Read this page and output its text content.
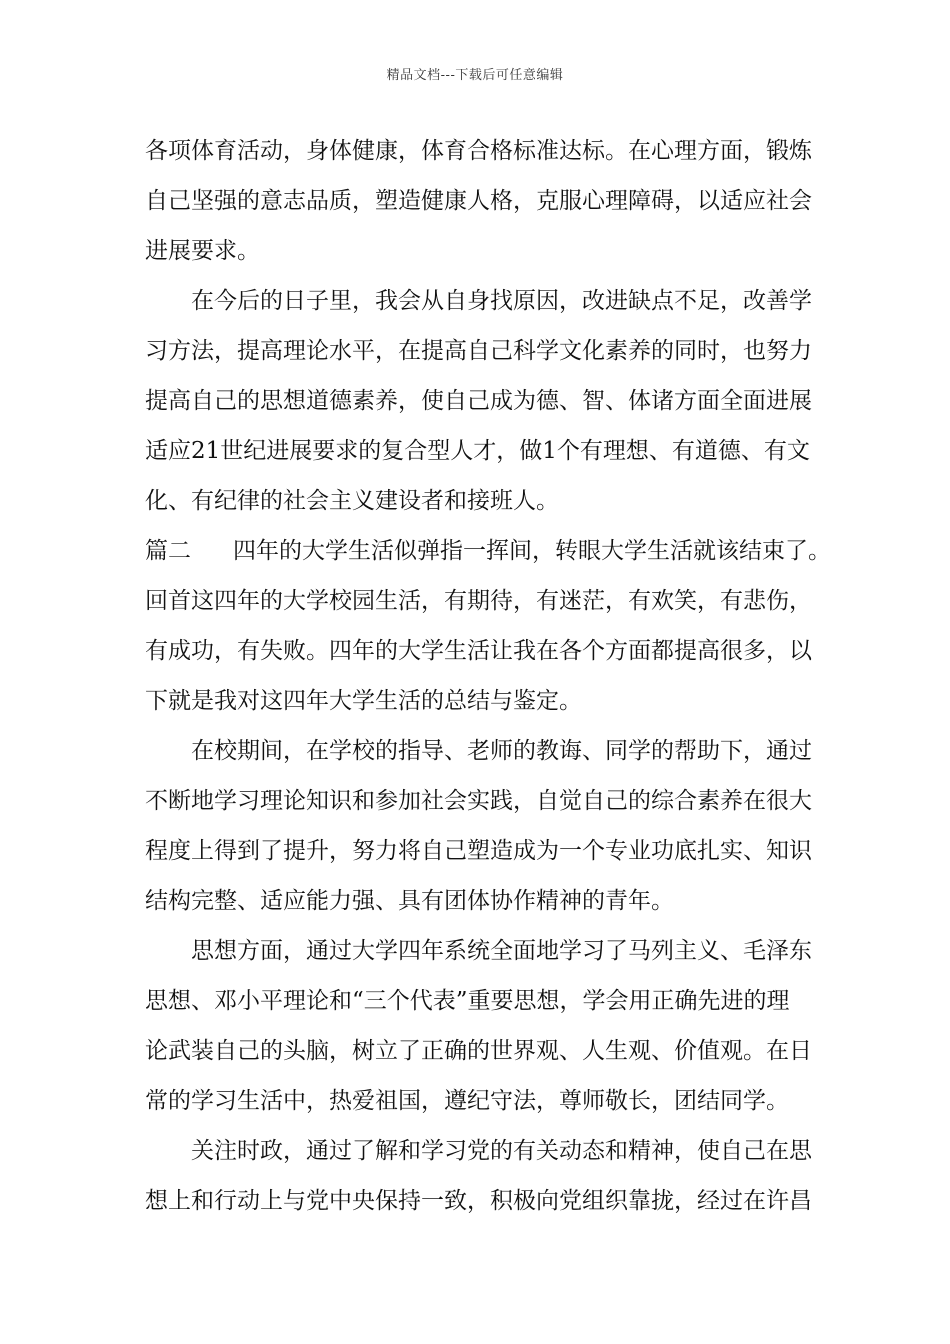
精品文档---下载后可任意编辑
各项体育活动，身体健康，体育合格标准达标。在心理方面，锻炼
自己坚强的意志品质，塑造健康人格，克服心理障碍，以适应社会
进展要求。
在今后的日子里，我会从自身找原因，改进缺点不足，改善学
习方法，提高理论水平，在提高自己科学文化素养的同时，也努力
提高自己的思想道德素养，使自己成为德、智、体诸方面全面进展
适应21世纪进展要求的复合型人才，做1个有理想、有道德、有文
化、有纪律的社会主义建设者和接班人。
篇二 四年的大学生活似弹指一挥间，转眼大学生活就该结束了。
回首这四年的大学校园生活，有期待，有迷茫，有欢笑，有悲伤，
有成功，有失败。四年的大学生活让我在各个方面都提高很多，以
下就是我对这四年大学生活的总结与鉴定。
在校期间，在学校的指导、老师的教诲、同学的帮助下，通过
不断地学习理论知识和参加社会实践，自觉自己的综合素养在很大
程度上得到了提升，努力将自己塑造成为一个专业功底扎实、知识
结构完整、适应能力强、具有团体协作精神的青年。
思想方面，通过大学四年系统全面地学习了马列主义、毛泽东
思想、邓小平理论和“三个代表”重要思想，学会用正确先进的理
论武装自己的头脑，树立了正确的世界观、人生观、价值观。在日
常的学习生活中，热爱祖国，遵纪守法，尊师敬长，团结同学。
关注时政，通过了解和学习党的有关动态和精神，使自己在思
想上和行动上与党中央保持一致，积极向党组织靠拢，经过在许昌
